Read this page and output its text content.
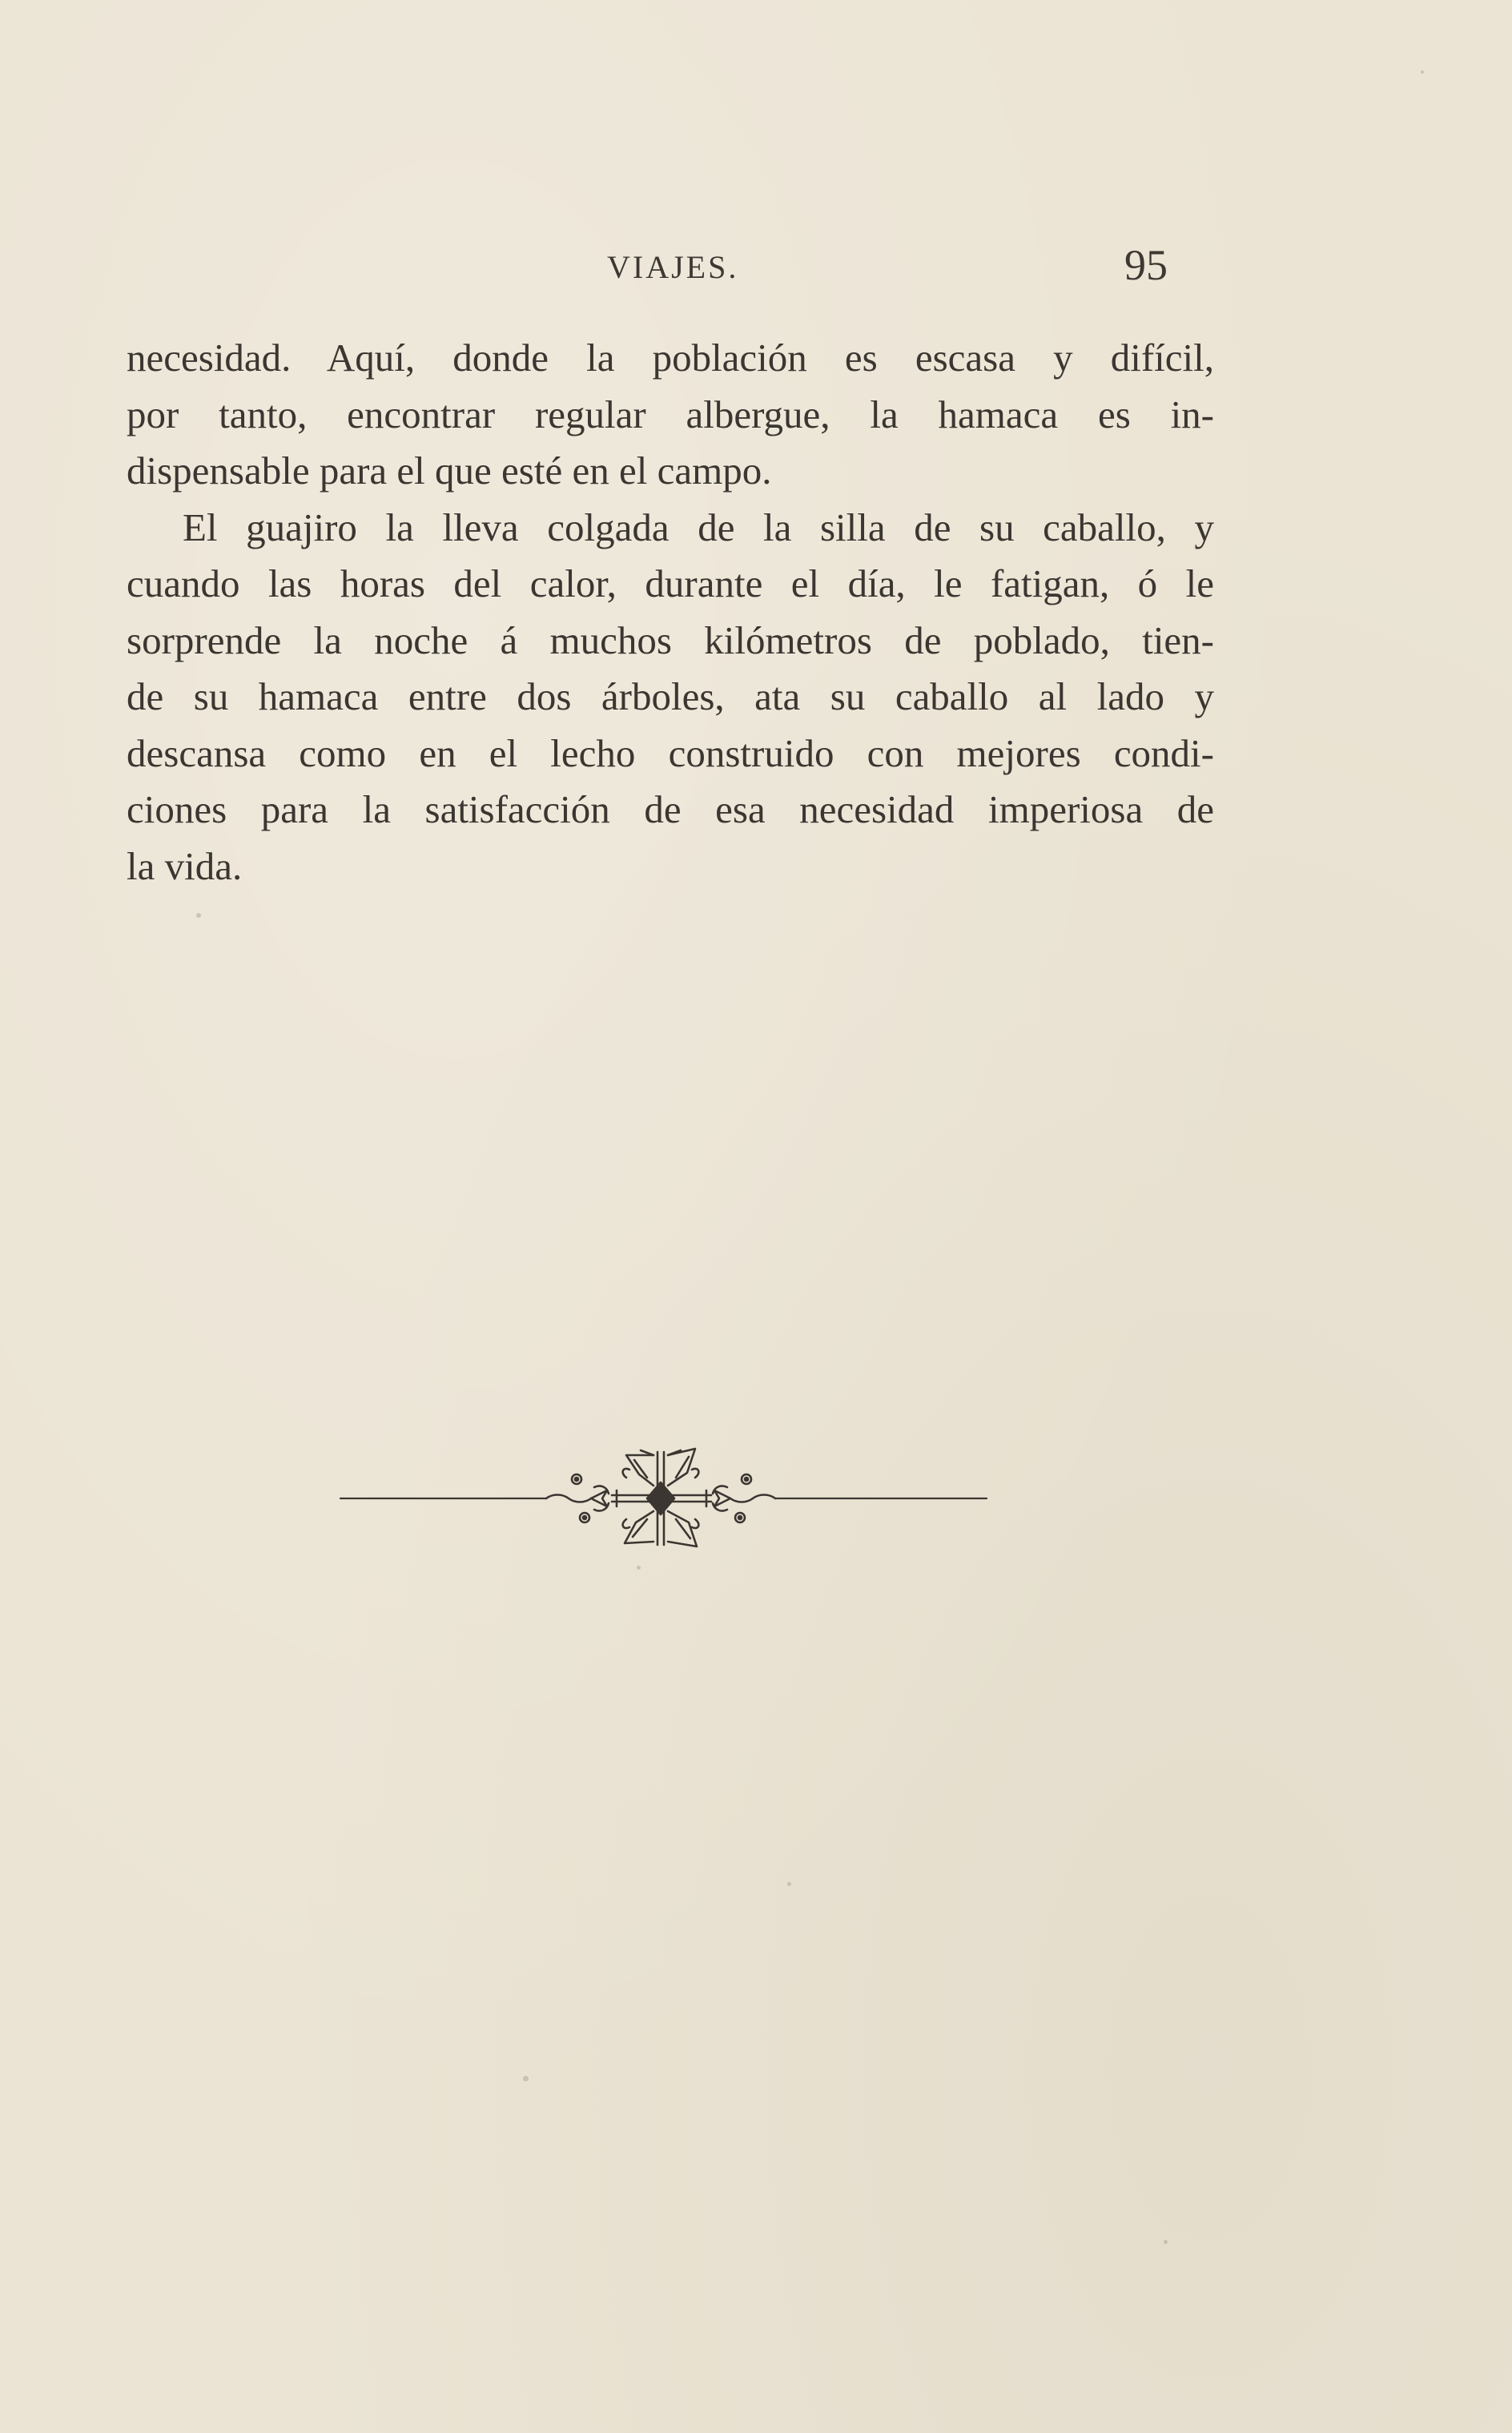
VIAJES.	95
necesidad. Aquí, donde la población es escasa y difícil,
por tanto, encontrar regular albergue, la hamaca es in-
dispensable para el que esté en el campo.
El guajiro la lleva colgada de la silla de su caballo, y
cuando las horas del calor, durante el día, le fatigan, ó le
sorprende la noche á muchos kilómetros de poblado, tien-
de su hamaca entre dos árboles, ata su caballo al lado y
descansa como en el lecho construido con mejores condi-
ciones para la satisfacción de esa necesidad imperiosa de
la vida.
